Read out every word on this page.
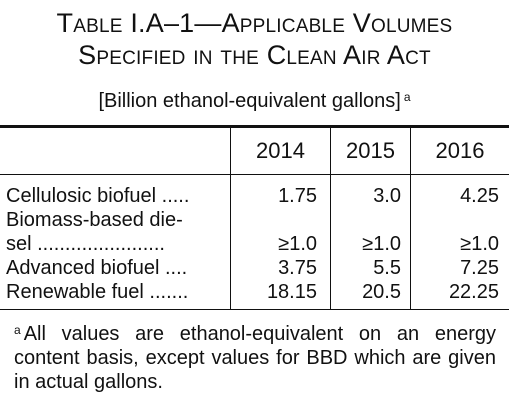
Table I.A–1—Applicable Volumes
Specified in the Clean Air Act
[Billion ethanol-equivalent gallons] $^a$
2014	2015	2016
Cellulosic biofuel .....	1.75	3.0	4.25
Biomass-based die-
sel .......................	≥1.0	≥1.0	≥1.0
Advanced biofuel ....	3.75	5.5	7.25
Renewable fuel .......	18.15	20.5	22.25
$^a$ All values are ethanol-equivalent on an energy content basis, except values for BBD which are given in actual gallons.
